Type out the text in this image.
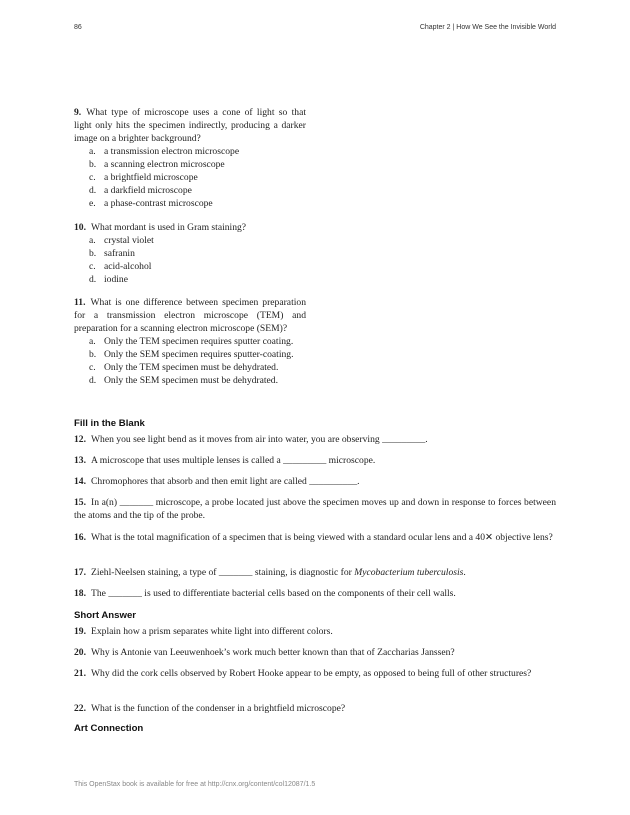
86	Chapter 2 | How We See the Invisible World
9. What type of microscope uses a cone of light so that light only hits the specimen indirectly, producing a darker image on a brighter background?
a. a transmission electron microscope
b. a scanning electron microscope
c. a brightfield microscope
d. a darkfield microscope
e. a phase-contrast microscope
10. What mordant is used in Gram staining?
a. crystal violet
b. safranin
c. acid-alcohol
d. iodine
11. What is one difference between specimen preparation for a transmission electron microscope (TEM) and preparation for a scanning electron microscope (SEM)?
a. Only the TEM specimen requires sputter coating.
b. Only the SEM specimen requires sputter-coating.
c. Only the TEM specimen must be dehydrated.
d. Only the SEM specimen must be dehydrated.
Fill in the Blank
12. When you see light bend as it moves from air into water, you are observing _________.
13. A microscope that uses multiple lenses is called a _________ microscope.
14. Chromophores that absorb and then emit light are called __________.
15. In a(n) _______ microscope, a probe located just above the specimen moves up and down in response to forces between the atoms and the tip of the probe.
16. What is the total magnification of a specimen that is being viewed with a standard ocular lens and a 40✕ objective lens?
17. Ziehl-Neelsen staining, a type of _______ staining, is diagnostic for Mycobacterium tuberculosis.
18. The _______ is used to differentiate bacterial cells based on the components of their cell walls.
Short Answer
19. Explain how a prism separates white light into different colors.
20. Why is Antonie van Leeuwenhoek’s work much better known than that of Zaccharias Janssen?
21. Why did the cork cells observed by Robert Hooke appear to be empty, as opposed to being full of other structures?
22. What is the function of the condenser in a brightfield microscope?
Art Connection
This OpenStax book is available for free at http://cnx.org/content/col12087/1.5
